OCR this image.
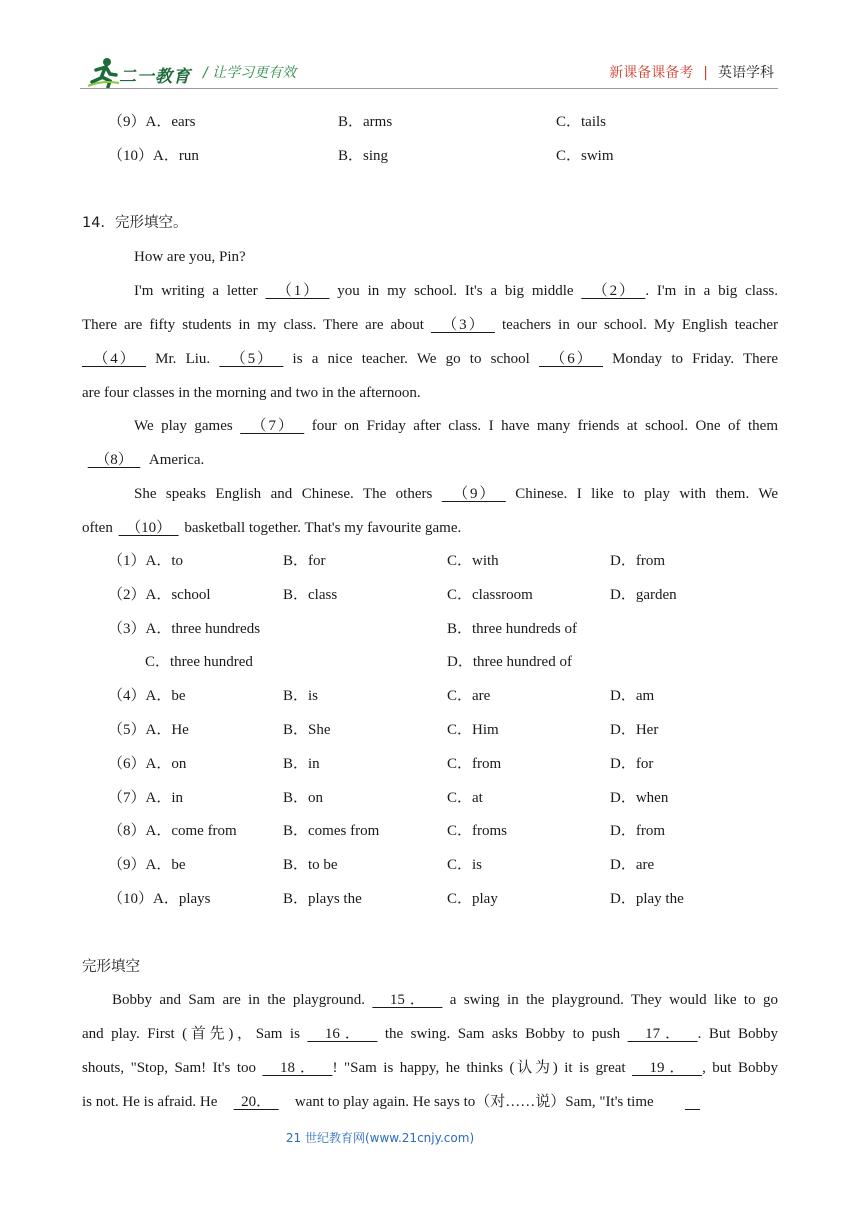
二一教育 / 让学习更有效	新课备课备考 | 英语学科
（9）A．ears	B．arms	C．tails
（10）A．run	B．sing	C．swim
14．完形填空。
How are you, Pin?
I'm writing a letter   （1）   you in my school. It's a big middle   （2）  . I'm in a big class.
There are fifty students in my class. There are about   （3）   teachers in our school. My English teacher
（4）   Mr. Liu.   （5）   is a nice teacher. We go to school   （6）   Monday to Friday. There
are four classes in the morning and two in the afternoon.
We play games   （7）   four on Friday after class. I have many friends at school. One of them
（8）   America.
She speaks English and Chinese. The others   （9）   Chinese. I like to play with them. We
often   （10）   basketball together. That's my favourite game.
（1）A．to	B．for	C．with	D．from
（2）A．school	B．class	C．classroom	D．garden
（3）A．three hundreds	B．three hundreds of
C．three hundred	D．three hundred of
（4）A．be	B．is	C．are	D．am
（5）A．He	B．She	C．Him	D．Her
（6）A．on	B．in	C．from	D．for
（7）A．in	B．on	C．at	D．when
（8）A．come from	B．comes from	C．froms	D．from
（9）A．be	B．to be	C．is	D．are
（10）A．plays	B．plays the	C．play	D．play the
完形填空
Bobby and Sam are in the playground.   15．   a swing in the playground. They would like to go
and play. First (首先)，Sam is   16．   the swing. Sam asks Bobby to push   17．  . But Bobby
shouts, "Stop, Sam! It's too   18．  ! "Sam is happy, he thinks (认为) it is great   19．  , but Bobby
is not. He is afraid. He   20．   want to play again. He says to（对……说）Sam, "It's time
21 世纪教育网(www.21cnjy.com)
